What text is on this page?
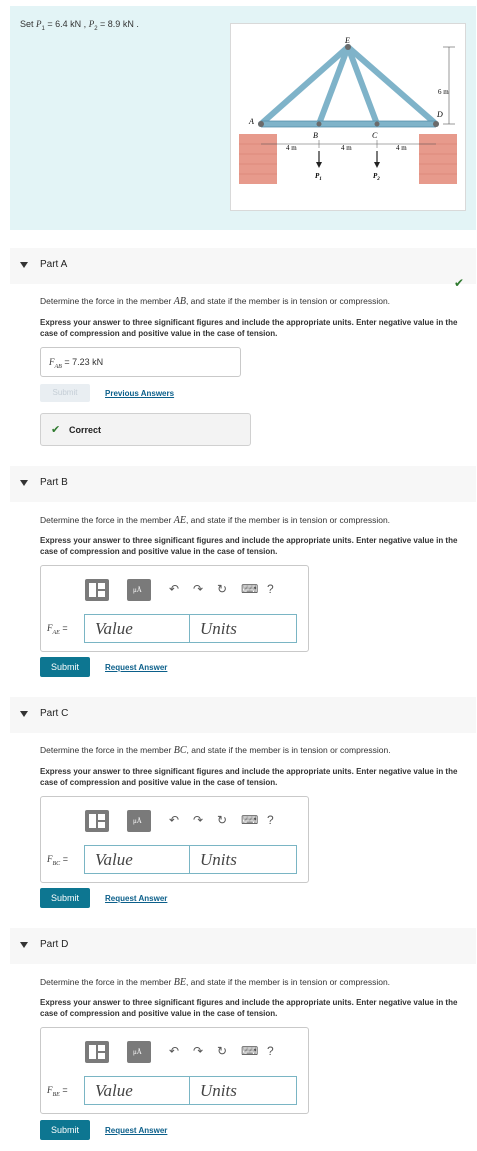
Set $P_1 = 6.4$ kN , $P_2 = 8.9$ kN .
E
A
B	C
D
6 m
4 m	4 m	4 m
$P_1$	$P_2$
Part A
✔
Determine the force in the member AB, and state if the member is in tension or compression.
Express your answer to three significant figures and include the appropriate units. Enter negative value in the case of compression and positive value in the case of tension.
$F_{AB} = 7.23$ kN
Submit	Previous Answers
✔ Correct
Part B
Determine the force in the member AE, and state if the member is in tension or compression.
Express your answer to three significant figures and include the appropriate units. Enter negative value in the case of compression and positive value in the case of tension.
μÅ ↶ ↷ ↻ ⌨ ?
$F_{AE}$ =	Value	Units
Submit	Request Answer
Part C
Determine the force in the member BC, and state if the member is in tension or compression.
Express your answer to three significant figures and include the appropriate units. Enter negative value in the case of compression and positive value in the case of tension.
μÅ ↶ ↷ ↻ ⌨ ?
$F_{BC}$ =	Value	Units
Submit	Request Answer
Part D
Determine the force in the member BE, and state if the member is in tension or compression.
Express your answer to three significant figures and include the appropriate units. Enter negative value in the case of compression and positive value in the case of tension.
μÅ ↶ ↷ ↻ ⌨ ?
$F_{BE}$ =	Value	Units
Submit	Request Answer
